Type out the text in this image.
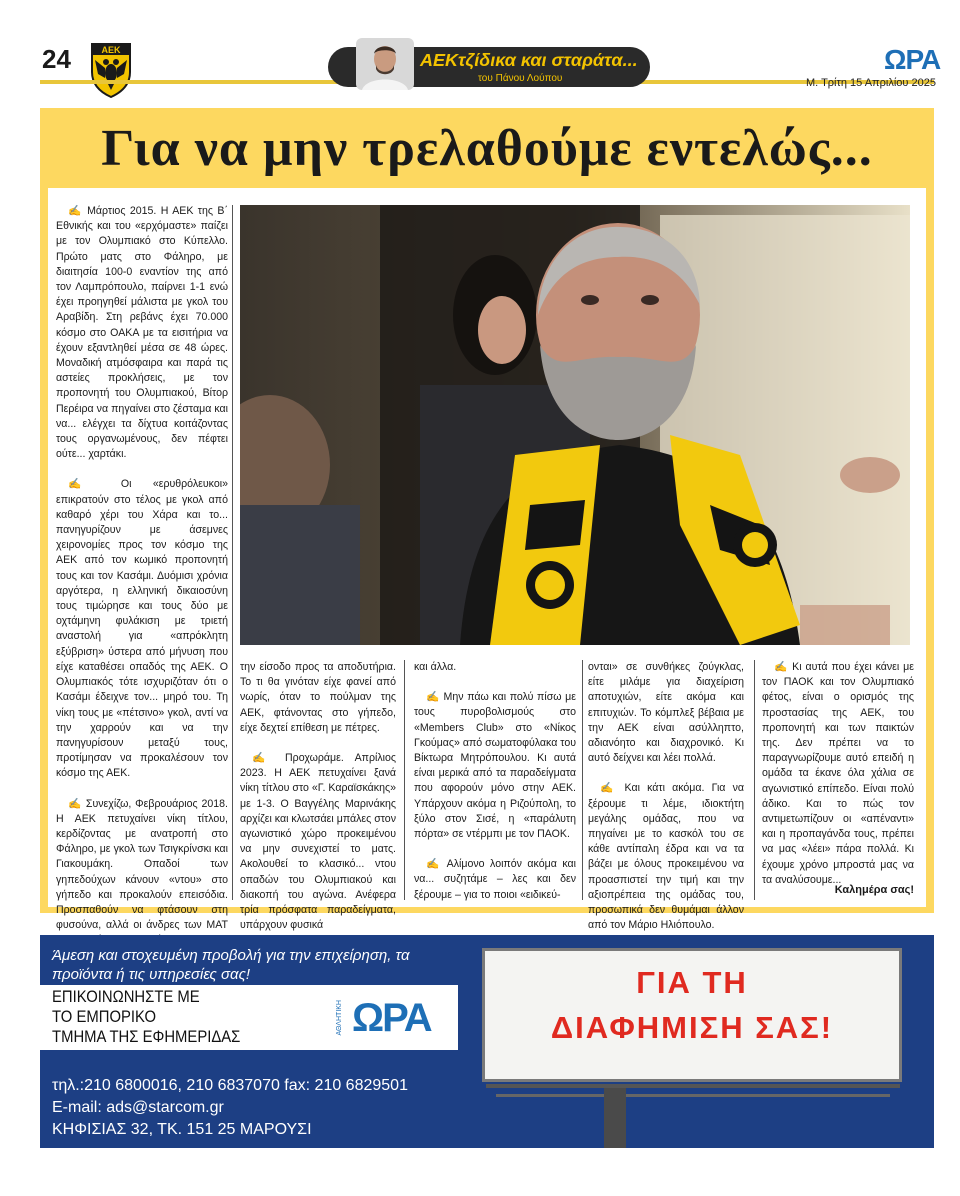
24	ΑΕΚ	ΑΕΚτζίδικα και σταράτα...
του Πάνου Λούπου
ΩΡΑ
Μ. Τρίτη 15 Απριλίου 2025
Για να μην τρελαθούμε εντελώς...

✍ Μάρτιος 2015. Η ΑΕΚ της Β΄ Εθνικής και του «ερχόμαστε» παίζει με τον Ολυμπιακό στο Κύπελλο. Πρώτο ματς στο Φάληρο, με διαιτησία 100-0 εναντίον της από τον Λαμπρόπουλο, παίρνει 1-1 ενώ έχει προηγηθεί μάλιστα με γκολ του Αραβίδη. Στη ρεβάνς έχει 70.000 κόσμο στο ΟΑΚΑ με τα εισιτήρια να έχουν εξαντληθεί μέσα σε 48 ώρες. Μοναδική ατμόσφαιρα και παρά τις αστείες προκλήσεις, με τον προπονητή του Ολυμπιακού, Βίτορ Περέιρα να πηγαίνει στο ζέσταμα και να... ελέγχει τα δίχτυα κοιτάζοντας τους οργανωμένους, δεν πέφτει ούτε... χαρτάκι.

✍ Οι «ερυθρόλευκοι» επικρατούν στο τέλος με γκολ από καθαρό χέρι του Χάρα και το... πανηγυρίζουν με άσεμνες χειρονομίες προς τον κόσμο της ΑΕΚ από τον κωμικό προπονητή τους και τον Κασάμι. Δυόμισι χρόνια αργότερα, η ελληνική δικαιοσύνη τους τιμώρησε και τους δύο με οχτάμηνη φυλάκιση με τριετή αναστολή για «απρόκλητη εξύβριση» ύστερα από μήνυση που είχε καταθέσει οπαδός της ΑΕΚ. Ο Ολυμπιακός τότε ισχυριζόταν ότι ο Κασάμι έδειχνε τον... μηρό του. Τη νίκη τους με «πέτσινο» γκολ, αντί να την χαρρούν και να την πανηγυρίσουν μεταξύ τους, προτίμησαν να προκαλέσουν τον κόσμο της ΑΕΚ.

✍ Συνεχίζω, Φεβρουάριος 2018. Η ΑΕΚ πετυχαίνει νίκη τίτλου, κερδίζοντας με ανατροπή στο Φάληρο, με γκολ των Τσιγκρίνσκι και Γιακουμάκη. Οπαδοί των γηπεδούχων κάνουν «ντου» στο γήπεδο και προκαλούν επεισόδια. Προσπαθούν να φτάσουν στη φυσούνα, αλλά οι άνδρες των ΜΑΤ

την είσοδο προς τα αποδυτήρια. Το τι θα γινόταν είχε φανεί από νωρίς, όταν το πούλμαν της ΑΕΚ, φτάνοντας στο γήπεδο, είχε δεχτεί επίθεση με πέτρες.

✍ Προχωράμε. Απρίλιος 2023. Η ΑΕΚ πετυχαίνει ξανά νίκη τίτλου στο «Γ. Καραϊσκάκης» με 1-3. Ο Βαγγέλης Μαρινάκης αρχίζει και κλωτσάει μπάλες στον αγωνιστικό χώρο προκειμένου να μην συνεχιστεί το ματς. Ακολουθεί το κλασικό... ντου οπαδών του Ολυμπιακού και διακοπή του αγώνα. Ανέφερα τρία πρόσφατα παραδείγματα, υπάρχουν φυσικά

και άλλα.

✍ Μην πάω και πολύ πίσω με τους πυροβολισμούς στο «Members Club» στο «Νίκος Γκούμας» από σωματοφύλακα του Βίκτωρα Μητρόπουλου. Κι αυτά είναι μερικά από τα παραδείγματα που αφορούν μόνο στην ΑΕΚ. Υπάρχουν ακόμα η Ριζούπολη, το ξύλο στον Σισέ, η «παράλυτη πόρτα» σε ντέρμπι με τον ΠΑΟΚ.

✍ Αλίμονο λοιπόν ακόμα και να... συζητάμε – λες και δεν ξέρουμε – για το ποιοι «ειδικεύ-

ονται» σε συνθήκες ζούγκλας, είτε μιλάμε για διαχείριση αποτυχιών, είτε ακόμα και επιτυχιών. Το κόμπλεξ βέβαια με την ΑΕΚ είναι ασύλληπτο, αδιανόητο και διαχρονικό. Κι αυτό δείχνει και λέει πολλά.

✍ Και κάτι ακόμα. Για να ξέρουμε τι λέμε, ιδιοκτήτη μεγάλης ομάδας, που να πηγαίνει με το κασκόλ του σε κάθε αντίπαλη έδρα και να τα βάζει με όλους προκειμένου να προασπιστεί την τιμή και την αξιοπρέπεια της ομάδας του, προσωπικά δεν θυμάμαι άλλον από τον Μάριο Ηλιόπουλο.

✍ Κι αυτά που έχει κάνει με τον ΠΑΟΚ και τον Ολυμπιακό φέτος, είναι ο ορισμός της προστασίας της ΑΕΚ, του προπονητή και των παικτών της. Δεν πρέπει να το παραγνωρίζουμε αυτό επειδή η ομάδα τα έκανε όλα χάλια σε αγωνιστικό επίπεδο. Είναι πολύ άδικο. Και το πώς τον αντιμετωπίζουν οι «απέναντι» και η προπαγάνδα τους, πρέπει να μας «λέει» πάρα πολλά. Κι έχουμε χρόνο μπροστά μας να τα αναλύσουμε...

Καλημέρα σας!
Άμεση και στοχευμένη προβολή για την επιχείρηση, τα προϊόντα ή τις υπηρεσίες σας!
ΕΠΙΚΟΙΝΩΝΗΣΤΕ ΜΕ
ΤΟ ΕΜΠΟΡΙΚΟ
ΤΜΗΜΑ ΤΗΣ ΕΦΗΜΕΡΙΔΑΣ
ΑΘΛΗΤΙΚΗ ΩΡΑ
τηλ.:210 6800016, 210 6837070 fax: 210 6829501
E-mail: ads@starcom.gr
ΚΗΦΙΣΙΑΣ 32, ΤΚ. 151 25 ΜΑΡΟΥΣΙ
ΓΙΑ ΤΗ
ΔΙΑΦΗΜΙΣΗ ΣΑΣ!
